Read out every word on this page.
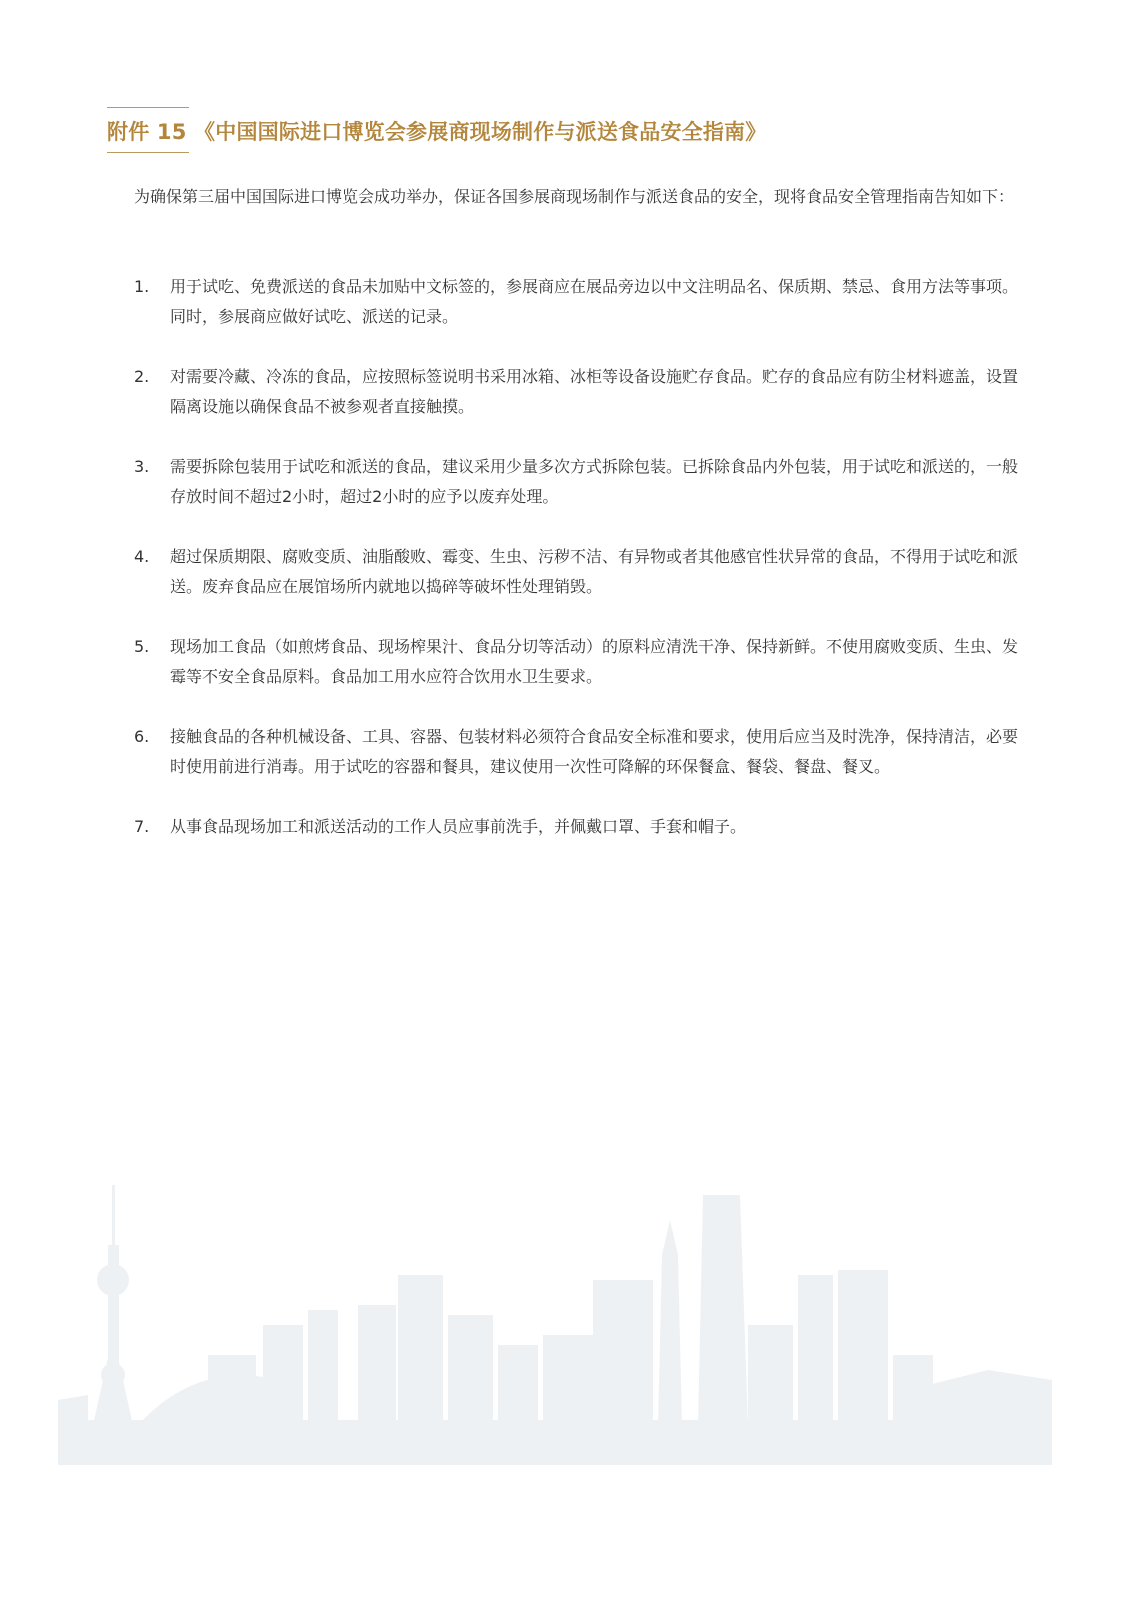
附件 15 《中国国际进口博览会参展商现场制作与派送食品安全指南》
为确保第三届中国国际进口博览会成功举办，保证各国参展商现场制作与派送食品的安全，现将食品安全管理指南告知如下：
1.	用于试吃、免费派送的食品未加贴中文标签的，参展商应在展品旁边以中文注明品名、保质期、禁忌、食用方法等事项。同时，参展商应做好试吃、派送的记录。
2.	对需要冷藏、冷冻的食品，应按照标签说明书采用冰箱、冰柜等设备设施贮存食品。贮存的食品应有防尘材料遮盖，设置隔离设施以确保食品不被参观者直接触摸。
3.	需要拆除包装用于试吃和派送的食品，建议采用少量多次方式拆除包装。已拆除食品内外包装，用于试吃和派送的，一般存放时间不超过2小时，超过2小时的应予以废弃处理。
4.	超过保质期限、腐败变质、油脂酸败、霉变、生虫、污秽不洁、有异物或者其他感官性状异常的食品，不得用于试吃和派送。废弃食品应在展馆场所内就地以捣碎等破坏性处理销毁。
5.	现场加工食品（如煎烤食品、现场榨果汁、食品分切等活动）的原料应清洗干净、保持新鲜。不使用腐败变质、生虫、发霉等不安全食品原料。食品加工用水应符合饮用水卫生要求。
6.	接触食品的各种机械设备、工具、容器、包装材料必须符合食品安全标准和要求，使用后应当及时洗净，保持清洁，必要时使用前进行消毒。用于试吃的容器和餐具，建议使用一次性可降解的环保餐盒、餐袋、餐盘、餐叉。
7.	从事食品现场加工和派送活动的工作人员应事前洗手，并佩戴口罩、手套和帽子。
